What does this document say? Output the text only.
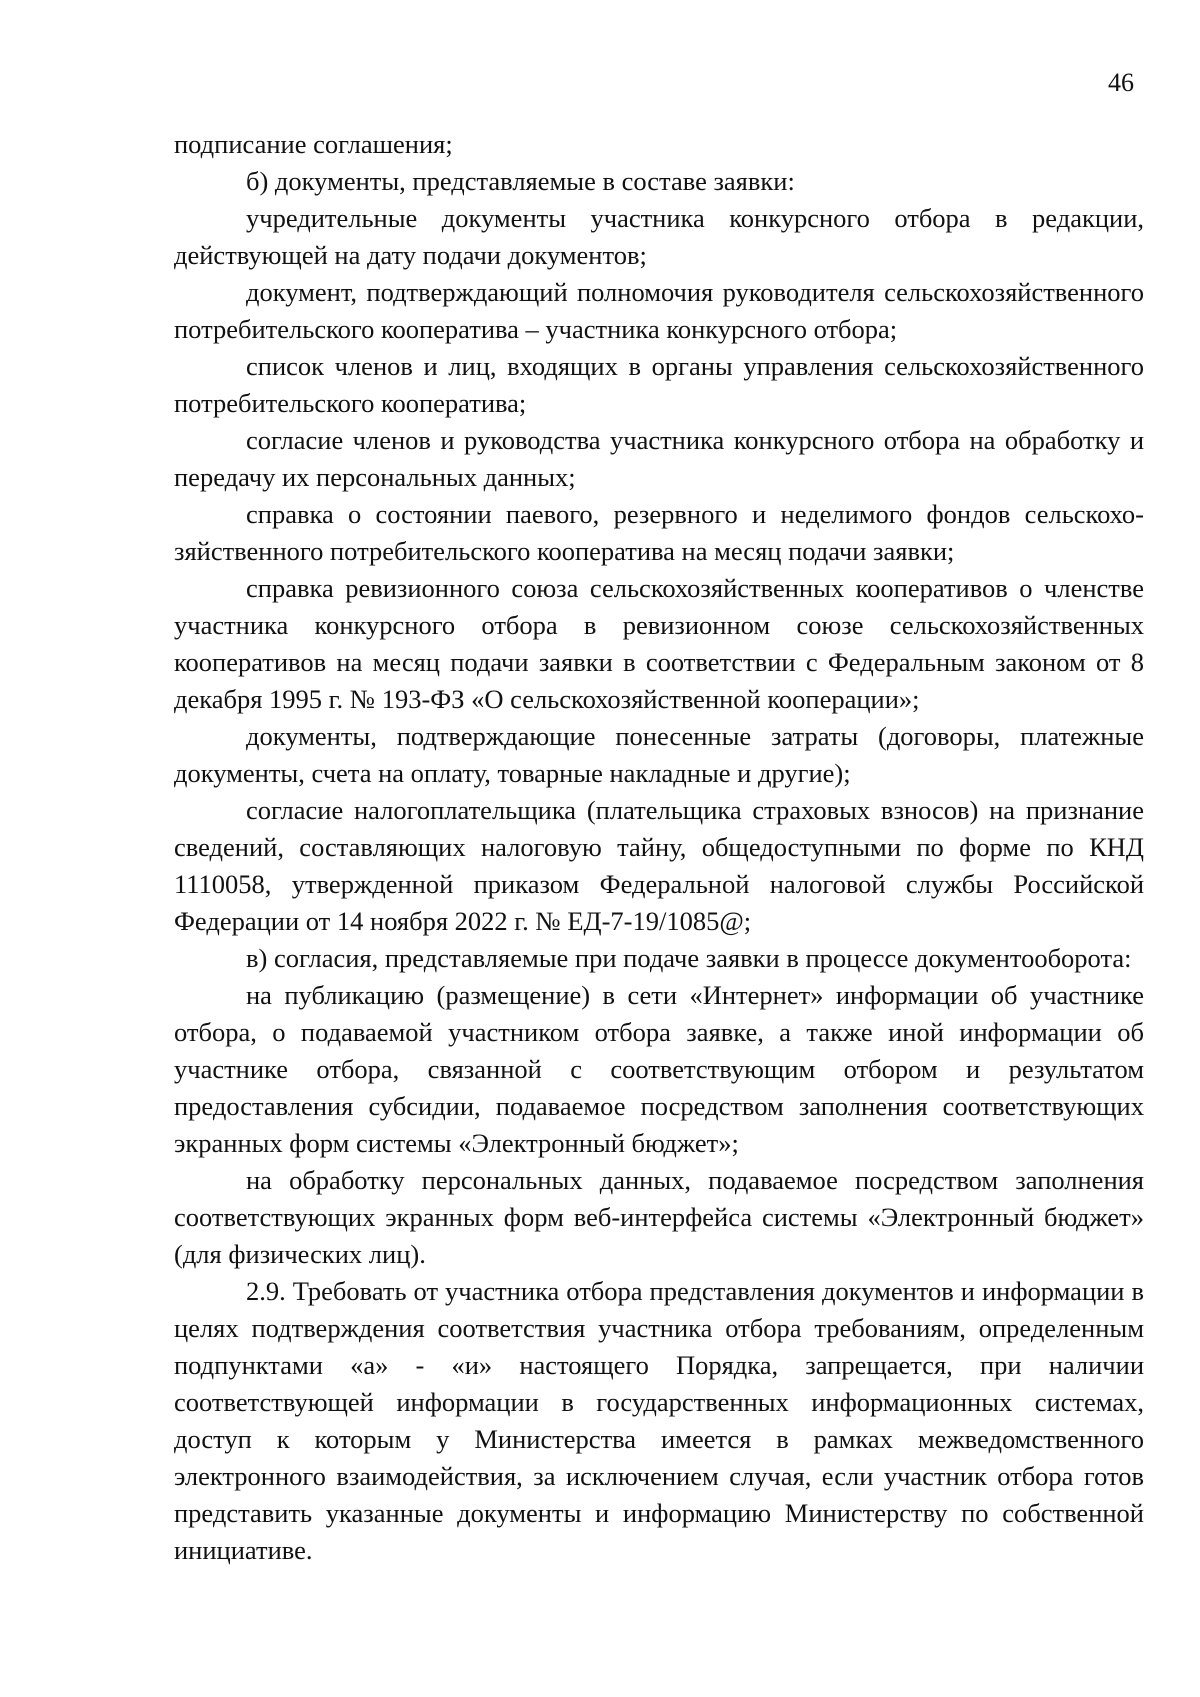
46

подписание соглашения;

б) документы, представляемые в составе заявки:

учредительные документы участника конкурсного отбора в редакции, действующей на дату подачи документов;

документ, подтверждающий полномочия руководителя сельскохозяйственного потребительского кооператива – участника конкурсного отбора;

список членов и лиц, входящих в органы управления сельскохозяйственного потребительского кооператива;

согласие членов и руководства участника конкурсного отбора на обработку и передачу их персональных данных;

справка о состоянии паевого, резервного и неделимого фондов сельскохозяйственного потребительского кооператива на месяц подачи заявки;

справка ревизионного союза сельскохозяйственных кооперативов о членстве участника конкурсного отбора в ревизионном союзе сельскохозяйственных кооперативов на месяц подачи заявки в соответствии с Федеральным законом от 8 декабря 1995 г. № 193-ФЗ «О сельскохозяйственной кооперации»;

документы, подтверждающие понесенные затраты (договоры, платежные документы, счета на оплату, товарные накладные и другие);

согласие налогоплательщика (плательщика страховых взносов) на признание сведений, составляющих налоговую тайну, общедоступными по форме по КНД 1110058, утвержденной приказом Федеральной налоговой службы Российской Федерации от 14 ноября 2022 г. № ЕД-7-19/1085@;

в) согласия, представляемые при подаче заявки в процессе документооборота:

на публикацию (размещение) в сети «Интернет» информации об участнике отбора, о подаваемой участником отбора заявке, а также иной информации об участнике отбора, связанной с соответствующим отбором и результатом предоставления субсидии, подаваемое посредством заполнения соответствующих экранных форм системы «Электронный бюджет»;

на обработку персональных данных, подаваемое посредством заполнения соответствующих экранных форм веб-интерфейса системы «Электронный бюджет» (для физических лиц).

2.9. Требовать от участника отбора представления документов и информации в целях подтверждения соответствия участника отбора требованиям, определенным подпунктами «а» - «и» настоящего Порядка, запрещается, при наличии соответствующей информации в государственных информационных системах, доступ к которым у Министерства имеется в рамках межведомственного электронного взаимодействия, за исключением случая, если участник отбора готов представить указанные документы и информацию Министерству по собственной инициативе.
